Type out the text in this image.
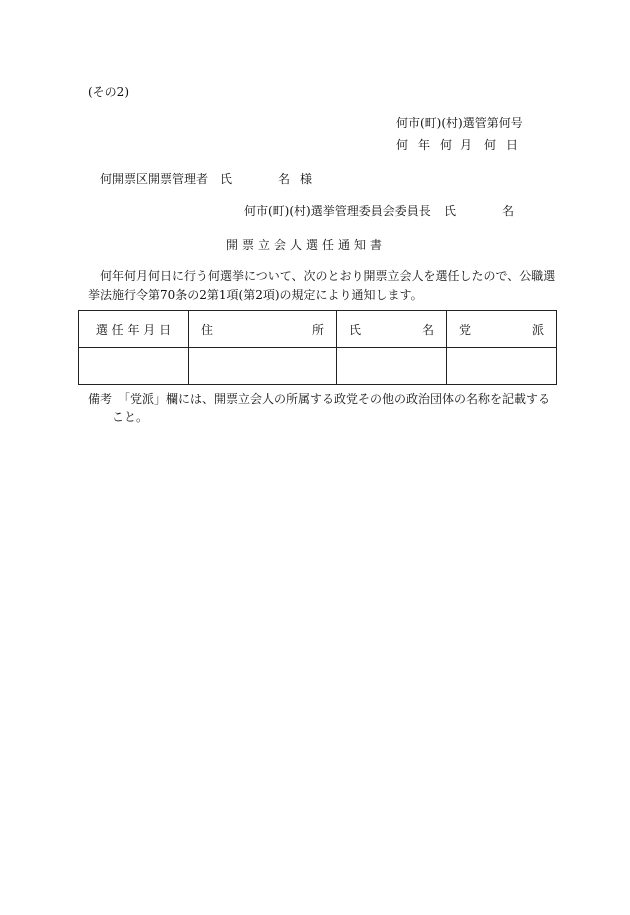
(その2)
何市(町)(村)選管第何号
何 年 何 月 何 日
何開票区開票管理者 氏	名 様
何市(町)(村)選挙管理委員会委員長	氏	名
開票立会人選任通知書
何年何月何日に行う何選挙について、次のとおり開票立会人を選任したので、公職選
挙法施行令第70条の2第1項(第2項)の規定により通知します。
選 任 年 月 日	住 所	氏 名	党 派

備考　「党派」欄には、開票立会人の所属する政党その他の政治団体の名称を記載する
こと。
